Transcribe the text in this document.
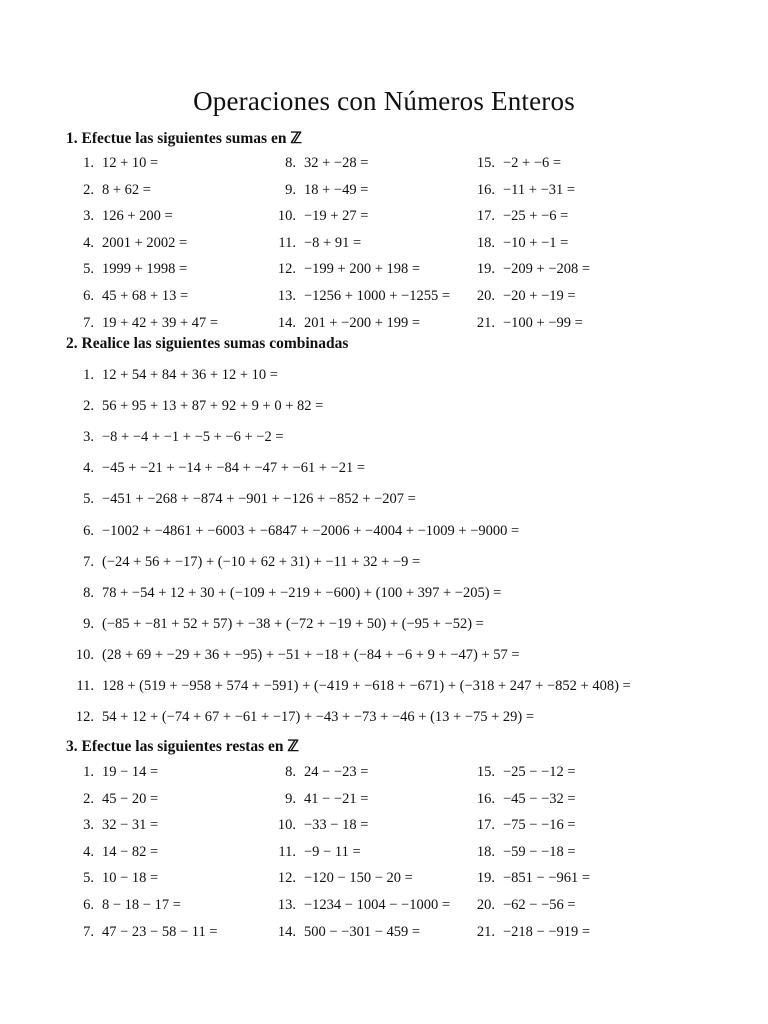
Operaciones con Números Enteros
1. Efectue las siguientes sumas en ℤ
1. 12 + 10 =
2. 8 + 62 =
3. 126 + 200 =
4. 2001 + 2002 =
5. 1999 + 1998 =
6. 45 + 68 + 13 =
7. 19 + 42 + 39 + 47 =
8. 32 + −28 =
9. 18 + −49 =
10. −19 + 27 =
11. −8 + 91 =
12. −199 + 200 + 198 =
13. −1256 + 1000 + −1255 =
14. 201 + −200 + 199 =
15. −2 + −6 =
16. −11 + −31 =
17. −25 + −6 =
18. −10 + −1 =
19. −209 + −208 =
20. −20 + −19 =
21. −100 + −99 =
2. Realice las siguientes sumas combinadas
1. 12 + 54 + 84 + 36 + 12 + 10 =
2. 56 + 95 + 13 + 87 + 92 + 9 + 0 + 82 =
3. −8 + −4 + −1 + −5 + −6 + −2 =
4. −45 + −21 + −14 + −84 + −47 + −61 + −21 =
5. −451 + −268 + −874 + −901 + −126 + −852 + −207 =
6. −1002 + −4861 + −6003 + −6847 + −2006 + −4004 + −1009 + −9000 =
7. (−24 + 56 + −17) + (−10 + 62 + 31) + −11 + 32 + −9 =
8. 78 + −54 + 12 + 30 + (−109 + −219 + −600) + (100 + 397 + −205) =
9. (−85 + −81 + 52 + 57) + −38 + (−72 + −19 + 50) + (−95 + −52) =
10. (28 + 69 + −29 + 36 + −95) + −51 + −18 + (−84 + −6 + 9 + −47) + 57 =
11. 128 + (519 + −958 + 574 + −591) + (−419 + −618 + −671) + (−318 + 247 + −852 + 408) =
12. 54 + 12 + (−74 + 67 + −61 + −17) + −43 + −73 + −46 + (13 + −75 + 29) =
3. Efectue las siguientes restas en ℤ
1. 19 − 14 =
2. 45 − 20 =
3. 32 − 31 =
4. 14 − 82 =
5. 10 − 18 =
6. 8 − 18 − 17 =
7. 47 − 23 − 58 − 11 =
8. 24 − −23 =
9. 41 − −21 =
10. −33 − 18 =
11. −9 − 11 =
12. −120 − 150 − 20 =
13. −1234 − 1004 − −1000 =
14. 500 − −301 − 459 =
15. −25 − −12 =
16. −45 − −32 =
17. −75 − −16 =
18. −59 − −18 =
19. −851 − −961 =
20. −62 − −56 =
21. −218 − −919 =
